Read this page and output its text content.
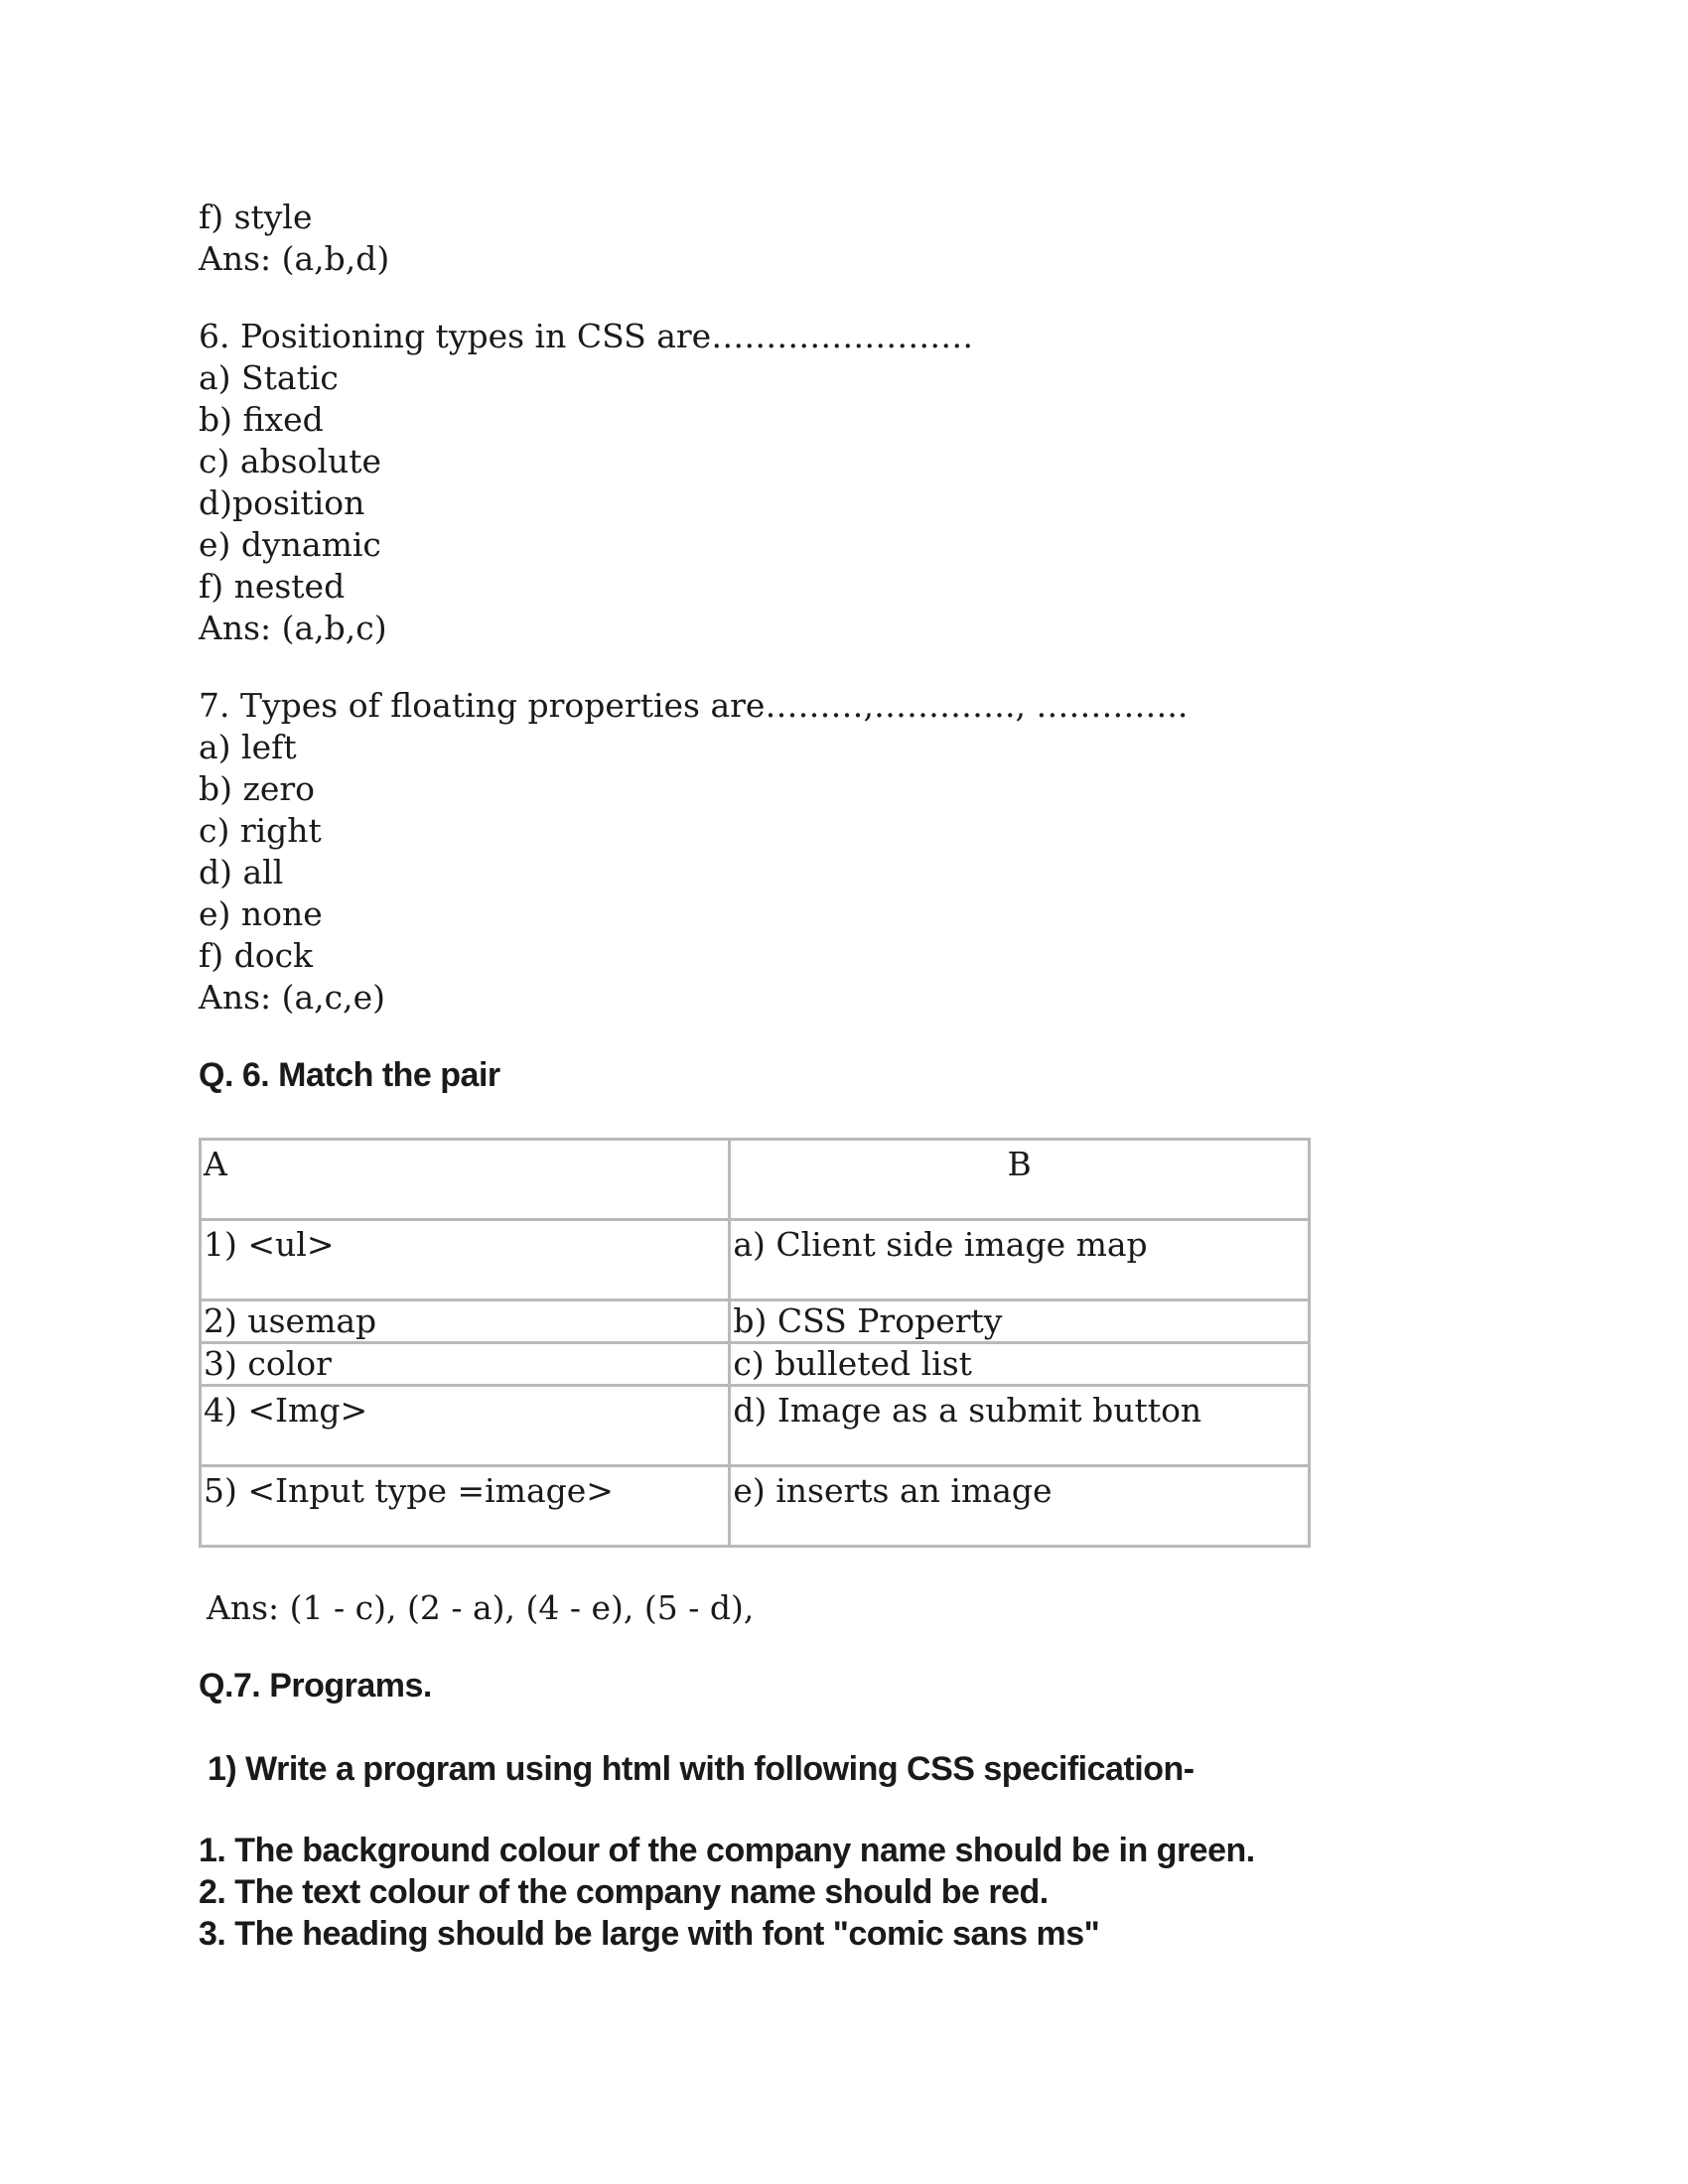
f) style

Ans: (a,b,d)

6. Positioning types in CSS are……………………

a) Static

b) fixed

c) absolute

d)position

e) dynamic

f) nested

Ans: (a,b,c)

7. Types of floating properties are………,…………., …………..

a) left

b) zero

c) right

d) all

e) none

f) dock

Ans: (a,c,e)

Q. 6. Match the pair

A	B
1) <ul>	a) Client side image map
2) usemap	b) CSS Property
3) color	c) bulleted list
4) <Img>	d) Image as a submit button
5) <Input type =image>	e) inserts an image

Ans: (1 - c), (2 - a), (4 - e), (5 - d),

Q.7. Programs.

1) Write a program using html with following CSS specification-

1. The background colour of the company name should be in green.

2. The text colour of the company name should be red.

3. The heading should be large with font "comic sans ms"
